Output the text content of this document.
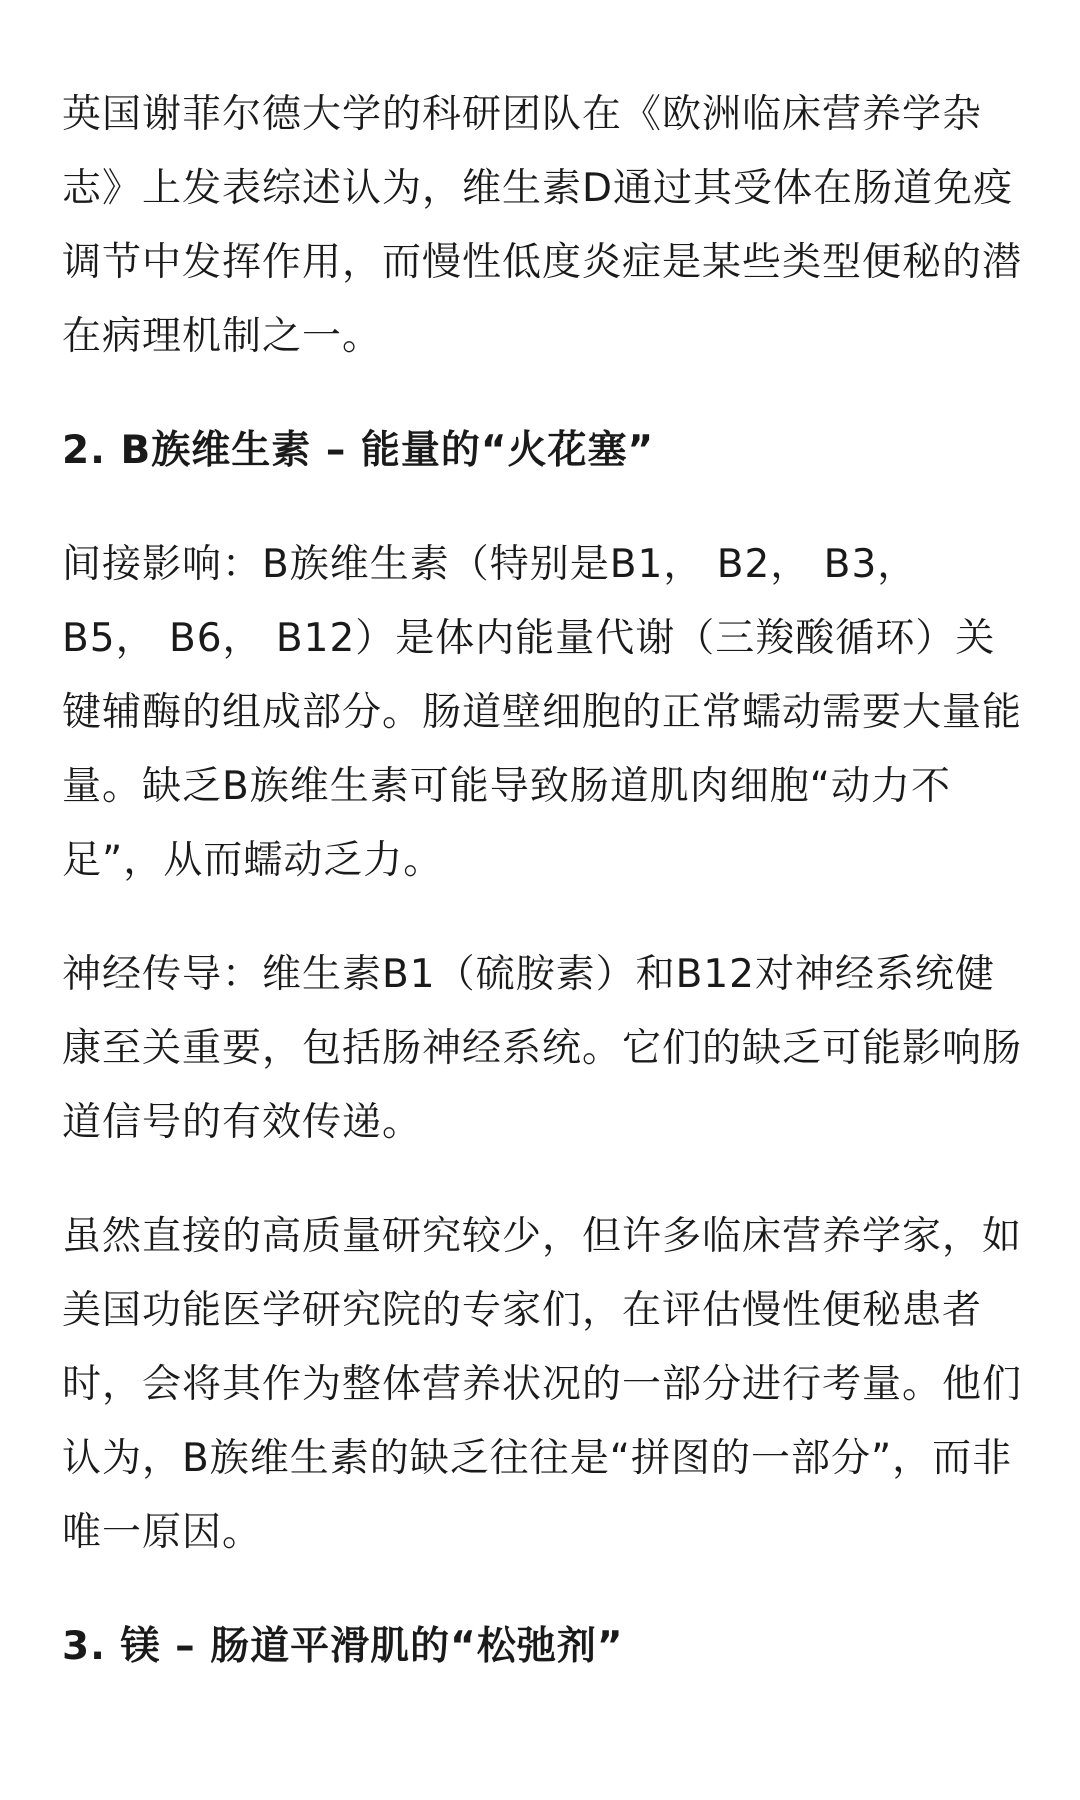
英国谢菲尔德大学的科研团队在《欧洲临床营养学杂志》上发表综述认为，维生素D通过其受体在肠道免疫调节中发挥作用，而慢性低度炎症是某些类型便秘的潜在病理机制之一。

2. B族维生素 – 能量的“火花塞”

间接影响：B族维生素（特别是B1， B2， B3， B5， B6， B12）是体内能量代谢（三羧酸循环）关键辅酶的组成部分。肠道壁细胞的正常蠕动需要大量能量。缺乏B族维生素可能导致肠道肌肉细胞“动力不足”，从而蠕动乏力。

神经传导：维生素B1（硫胺素）和B12对神经系统健康至关重要，包括肠神经系统。它们的缺乏可能影响肠道信号的有效传递。

虽然直接的高质量研究较少，但许多临床营养学家，如美国功能医学研究院的专家们，在评估慢性便秘患者时，会将其作为整体营养状况的一部分进行考量。他们认为，B族维生素的缺乏往往是“拼图的一部分”，而非唯一原因。

3. 镁 – 肠道平滑肌的“松弛剂”
